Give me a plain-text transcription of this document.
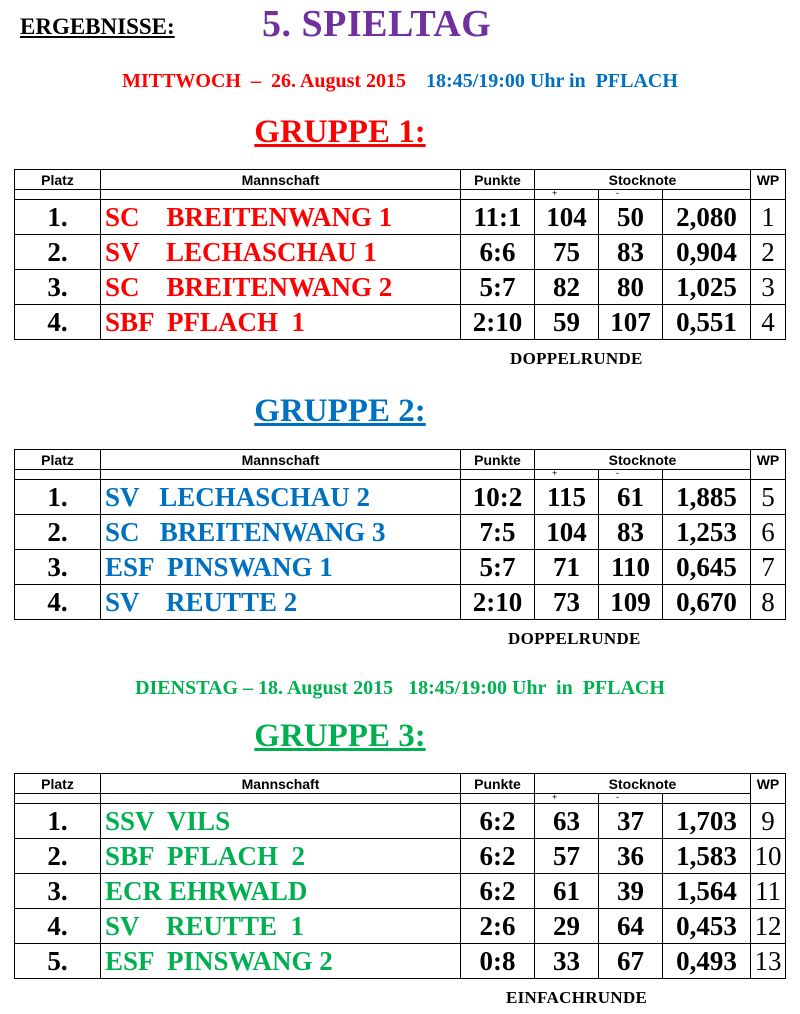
ERGEBNISSE: 5. SPIELTAG
MITTWOCH  –  26. August 2015 18:45/19:00 Uhr in  PFLACH
GRUPPE 1:
Platz	Mannschaft	Punkte	Stocknote	WP
+	-
1.	SC    BREITENWANG 1	11:1 104	50	2,080 1
2.	SV    LECHASCHAU 1	6:6	75	83	0,904 2
3.	SC    BREITENWANG 2	5:7	82	80	1,025 3
4.	SBF  PFLACH  1	2:10	59	107 0,551 4
DOPPELRUNDE
GRUPPE 2:
Platz	Mannschaft	Punkte	Stocknote	WP
+	-
1.	SV   LECHASCHAU 2	10:2 115	61	1,885 5
2.	SC   BREITENWANG 3	7:5	104	83	1,253 6
3.	ESF  PINSWANG 1	5:7	71	110 0,645 7
4.	SV    REUTTE 2	2:10	73	109 0,670 8
DOPPELRUNDE
DIENSTAG – 18. August 2015   18:45/19:00 Uhr  in  PFLACH
GRUPPE 3:
Platz	Mannschaft	Punkte	Stocknote	WP
+	-
1.	SSV  VILS	6:2	63	37	1,703 9
2.	SBF  PFLACH  2	6:2	57	36	1,583 10
3.	ECR EHRWALD	6:2	61	39	1,564 11
4.	SV    REUTTE  1	2:6	29	64	0,453 12
5.	ESF  PINSWANG 2	0:8	33	67	0,493 13
EINFACHRUNDE
